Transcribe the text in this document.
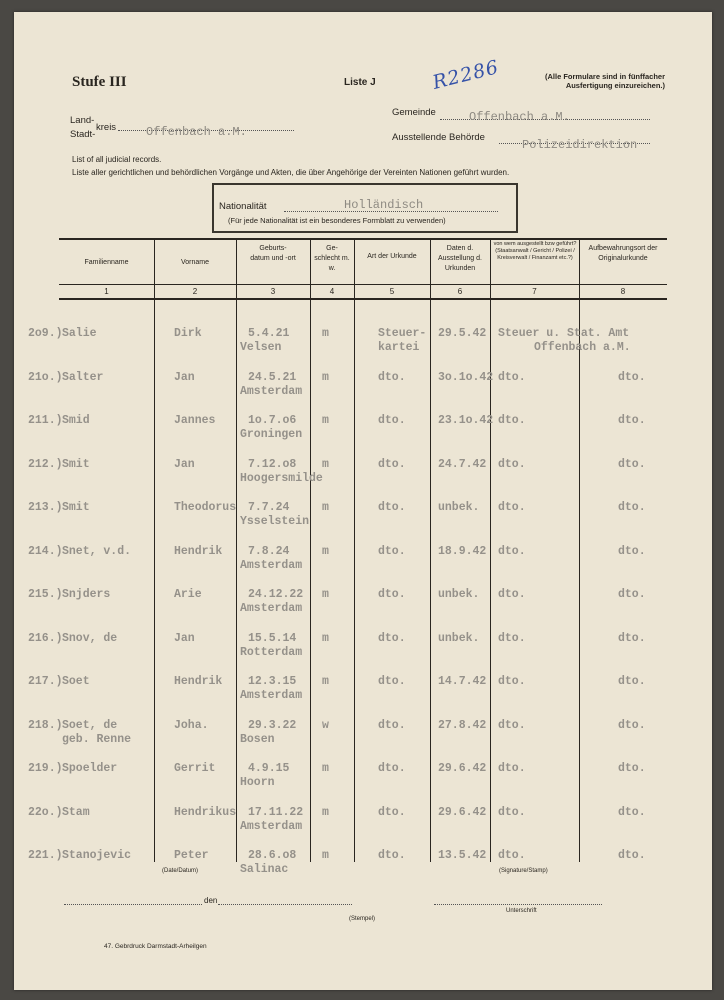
Stufe III	Liste J	R2286	(Alle Formulare sind in fünffacher Ausfertigung einzureichen.)
Land-
kreis
Stadt-	Offenbach a.M.
Gemeinde	Offenbach a.M.
Ausstellende Behörde
Polizeidirektion
List of all judicial records.
Liste aller gerichtlichen und behördlichen Vorgänge und Akten, die über Angehörige der Vereinten Nationen geführt wurden.
Nationalität	Holländisch
(Für jede Nationalität ist ein besonderes Formblatt zu verwenden)
Familienname	Vorname
Geburts-datum und -ort
Ge-schlecht m. w.
Art der Urkunde
Daten d. Ausstellung d. Urkunden
von wem ausgestellt bzw geführt? (Staatsanwalt / Gericht / Polizei / Kreisverwalt / Finanzamt etc.?)
Aufbewahrungsort der Originalurkunde
1	2	3	4	5	6	7	8
2o9.) Salie	Dirk	5.4.21
Velsen
m	Steuer-
kartei
29.5.42 Steuer u. Stat. Amt
Offenbach a.M.
21o.) Salter	Jan	24.5.21
Amsterdam
m	dto.	3o.1o.42 dto.	dto.
211.) Smid	Jannes	1o.7.o6
Groningen
m	dto.	23.1o.42 dto.	dto.
212.) Smit	Jan	7.12.o8
Hoogersmilde
m	dto.	24.7.42 dto.	dto.
213.) Smit	Theodorus 7.7.24
Ysselstein
m	dto.	unbek. dto.	dto.
214.) Snet, v.d.	Hendrik 7.8.24
Amsterdam
m	dto.	18.9.42 dto.	dto.
215.) Snjders	Arie	24.12.22
Amsterdam
m	dto.	unbek. dto.	dto.
216.) Snov, de	Jan	15.5.14
Rotterdam
m	dto.	unbek. dto.	dto.
217.) Soet	Hendrik 12.3.15
Amsterdam
m	dto.	14.7.42 dto.	dto.
218.) Soet, de	Joha.	29.3.22
Bosen
w	dto.	27.8.42 dto.	dto.
geb. Renne
219.) Spoelder	Gerrit	4.9.15
Hoorn
m	dto.	29.6.42 dto.	dto.
22o.) Stam	Hendrikus 17.11.22
Amsterdam
m	dto.	29.6.42 dto.	dto.
221.) Stanojevic	Peter	28.6.o8
Salinac
m	dto.	13.5.42 dto.	dto.
(Date/Datum)	(Signature/Stamp)
den
(Stempel)
Unterschrift
47. Gebrdruck Darmstadt-Arheilgen
